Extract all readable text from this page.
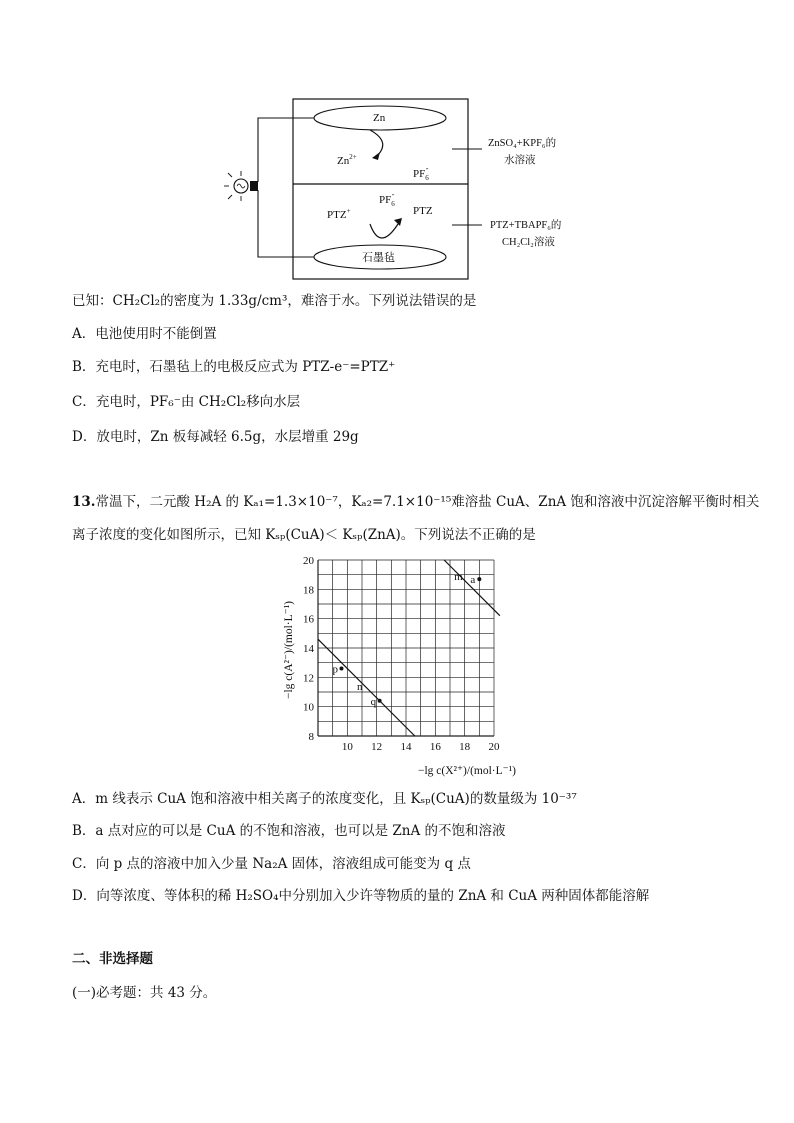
Zn
$Zn^{2+}$
$PF_6-$
$PF_6-$
PTZ+	PTZ
石墨毡
ZnSO₄+KPF₆的
水溶液
PTZ+TBAPF₆的
CH₂Cl₂溶液
已知：CH₂Cl₂的密度为 1.33g/cm³，难溶于水。下列说法错误的是
A．电池使用时不能倒置
B．充电时，石墨毡上的电极反应式为 PTZ-e⁻=PTZ⁺
C．充电时，PF₆⁻由 CH₂Cl₂移向水层
D．放电时，Zn 板每减轻 6.5g，水层增重 29g
13.常温下，二元酸 H₂A 的 Kₐ₁=1.3×10⁻⁷，Kₐ₂=7.1×10⁻¹⁵难溶盐 CuA、ZnA 饱和溶液中沉淀溶解平衡时相关
离子浓度的变化如图所示，已知 Kₛₚ(CuA)＜ Kₛₚ(ZnA)。下列说法不正确的是
m
10 12 14 16 18 20
8
10
12
14
16
18
20
a
p
n
q
−lg c(X²⁺)/(mol·L⁻¹)
−lg c(A²⁻)/(mol·L⁻¹)
A．m 线表示 CuA 饱和溶液中相关离子的浓度变化，且 Kₛₚ(CuA)的数量级为 10⁻³⁷
B．a 点对应的可以是 CuA 的不饱和溶液，也可以是 ZnA 的不饱和溶液
C．向 p 点的溶液中加入少量 Na₂A 固体，溶液组成可能变为 q 点
D．向等浓度、等体积的稀 H₂SO₄中分别加入少许等物质的量的 ZnA 和 CuA 两种固体都能溶解
二、非选择题
(一)必考题：共 43 分。
